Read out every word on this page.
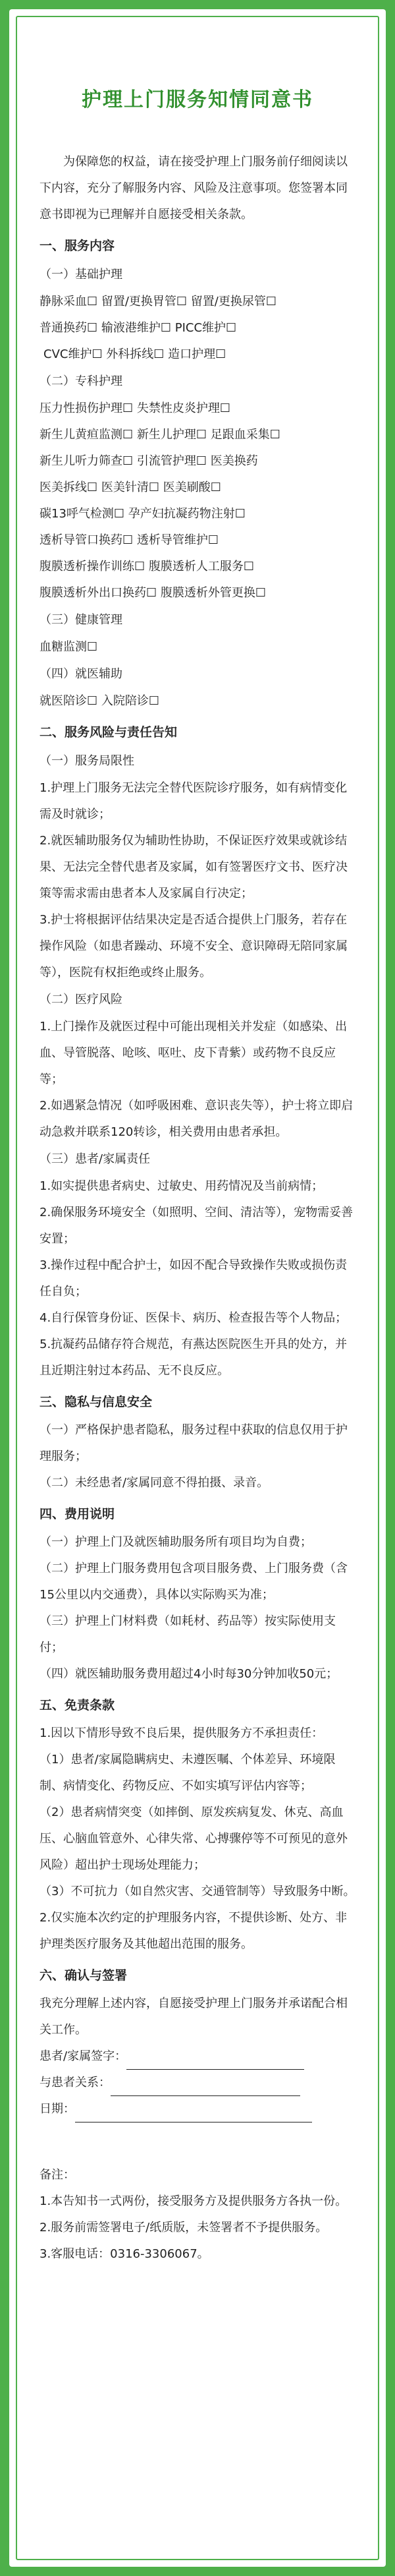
护理上门服务知情同意书

为保障您的权益，请在接受护理上门服务前仔细阅读以下内容，充分了解服务内容、风险及注意事项。您签署本同意书即视为已理解并自愿接受相关条款。

一、服务内容
（一）基础护理

静脉采血☐ 留置/更换胃管☐ 留置/更换尿管☐

普通换药☐ 输液港维护☐ PICC维护☐

CVC维护☐ 外科拆线☐ 造口护理☐

（二）专科护理

压力性损伤护理☐ 失禁性皮炎护理☐

新生儿黄疸监测☐ 新生儿护理☐ 足跟血采集☐

新生儿听力筛查☐ 引流管护理☐ 医美换药

医美拆线☐ 医美针清☐ 医美刷酸☐

碳13呼气检测☐ 孕产妇抗凝药物注射☐

透析导管口换药☐ 透析导管维护☐

腹膜透析操作训练☐ 腹膜透析人工服务☐

腹膜透析外出口换药☐ 腹膜透析外管更换☐

（三）健康管理

血糖监测☐

（四）就医辅助

就医陪诊☐ 入院陪诊☐

二、服务风险与责任告知
（一）服务局限性

1.护理上门服务无法完全替代医院诊疗服务，如有病情变化需及时就诊；

2.就医辅助服务仅为辅助性协助，不保证医疗效果或就诊结果、无法完全替代患者及家属，如有签署医疗文书、医疗决策等需求需由患者本人及家属自行决定；

3.护士将根据评估结果决定是否适合提供上门服务，若存在操作风险（如患者躁动、环境不安全、意识障碍无陪同家属等），医院有权拒绝或终止服务。

（二）医疗风险

1.上门操作及就医过程中可能出现相关并发症（如感染、出血、导管脱落、呛咳、呕吐、皮下青紫）或药物不良反应等；

2.如遇紧急情况（如呼吸困难、意识丧失等），护士将立即启动急救并联系120转诊，相关费用由患者承担。

（三）患者/家属责任

1.如实提供患者病史、过敏史、用药情况及当前病情；

2.确保服务环境安全（如照明、空间、清洁等），宠物需妥善安置；

3.操作过程中配合护士，如因不配合导致操作失败或损伤责任自负；

4.自行保管身份证、医保卡、病历、检查报告等个人物品；

5.抗凝药品储存符合规范，有燕达医院医生开具的处方，并且近期注射过本药品、无不良反应。

三、隐私与信息安全

（一）严格保护患者隐私，服务过程中获取的信息仅用于护理服务；

（二）未经患者/家属同意不得拍摄、录音。

四、费用说明

（一）护理上门及就医辅助服务所有项目均为自费；

（二）护理上门服务费用包含项目服务费、上门服务费（含15公里以内交通费），具体以实际购买为准；

（三）护理上门材料费（如耗材、药品等）按实际使用支付；

（四）就医辅助服务费用超过4小时每30分钟加收50元；

五、免责条款

1.因以下情形导致不良后果，提供服务方不承担责任：

（1）患者/家属隐瞒病史、未遵医嘱、个体差异、环境限制、病情变化、药物反应、不如实填写评估内容等；

（2）患者病情突变（如摔倒、原发疾病复发、休克、高血压、心脑血管意外、心律失常、心搏骤停等不可预见的意外风险）超出护士现场处理能力；

（3）不可抗力（如自然灾害、交通管制等）导致服务中断。

2.仅实施本次约定的护理服务内容，不提供诊断、处方、非护理类医疗服务及其他超出范围的服务。

六、确认与签署

我充分理解上述内容，自愿接受护理上门服务并承诺配合相关工作。

患者/家属签字：

与患者关系：

日期：

备注：

1.本告知书一式两份，接受服务方及提供服务方各执一份。

2.服务前需签署电子/纸质版，未签署者不予提供服务。

3.客服电话：0316-3306067。
